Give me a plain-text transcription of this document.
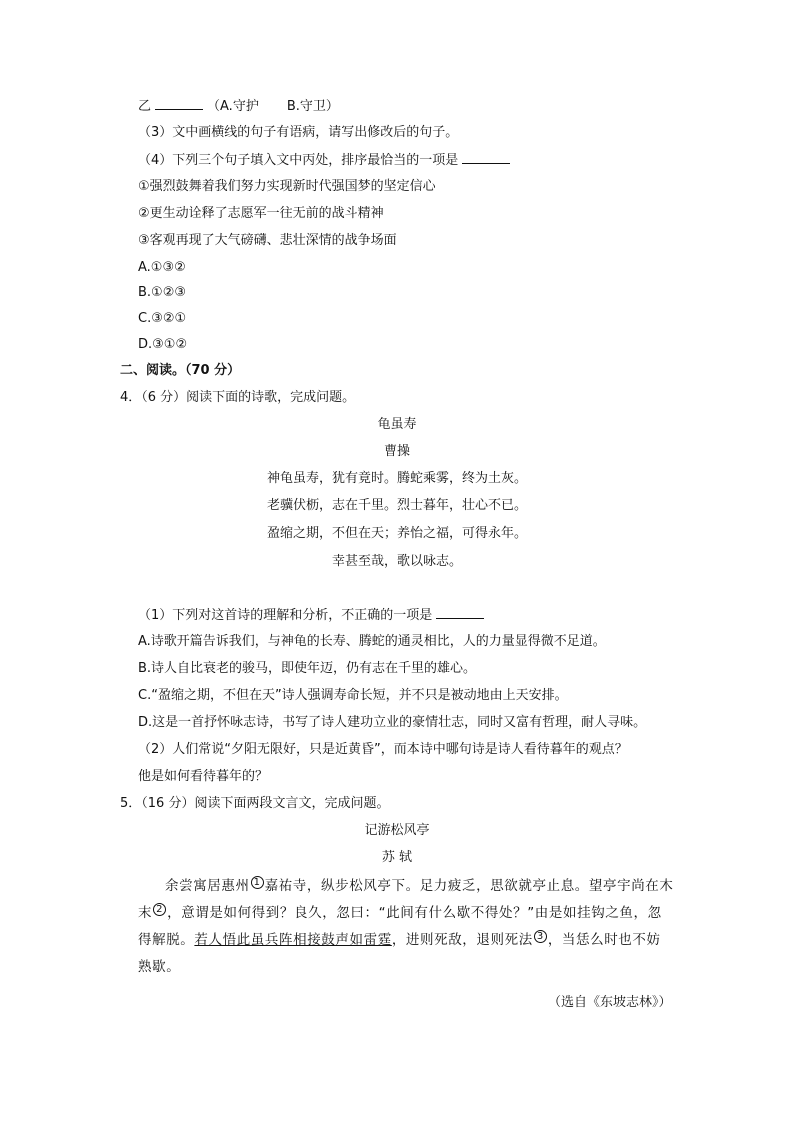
乙	（A.守护 B.守卫）
（3）文中画横线的句子有语病，请写出修改后的句子。
（4）下列三个句子填入文中丙处，排序最恰当的一项是
①强烈鼓舞着我们努力实现新时代强国梦的坚定信心
②更生动诠释了志愿军一往无前的战斗精神
③客观再现了大气磅礴、悲壮深情的战争场面
A.①③②
B.①②③
C.③②①
D.③①②
二、阅读。（70 分）
4．（6 分）阅读下面的诗歌，完成问题。
龟虽寿
曹操
神龟虽寿，犹有竟时。腾蛇乘雾，终为土灰。
老骥伏枥，志在千里。烈士暮年，壮心不已。
盈缩之期，不但在天；养怡之福，可得永年。
幸甚至哉，歌以咏志。
（1）下列对这首诗的理解和分析，不正确的一项是
A.诗歌开篇告诉我们，与神龟的长寿、腾蛇的通灵相比，人的力量显得微不足道。
B.诗人自比衰老的骏马，即使年迈，仍有志在千里的雄心。
C.“盈缩之期，不但在天”诗人强调寿命长短，并不只是被动地由上天安排。
D.这是一首抒怀咏志诗，书写了诗人建功立业的豪情壮志，同时又富有哲理，耐人寻味。
（2）人们常说“夕阳无限好，只是近黄昏”，而本诗中哪句诗是诗人看待暮年的观点？
他是如何看待暮年的？
5．（16 分）阅读下面两段文言文，完成问题。
记游松风亭
苏 轼
余尝寓居惠州 1 嘉祐寺，纵步松风亭下。足力疲乏，思欲就亭止息。望亭宇尚在木末 2 ，意谓是如何得到？良久，忽曰：“此间有什么歇不得处？”由是如挂钩之鱼，忽得解脱。若人悟此虽兵阵相接鼓声如雷霆，进则死敌，退则死法 3 ，当恁么时也不妨熟歇。
（选自《东坡志林》）
